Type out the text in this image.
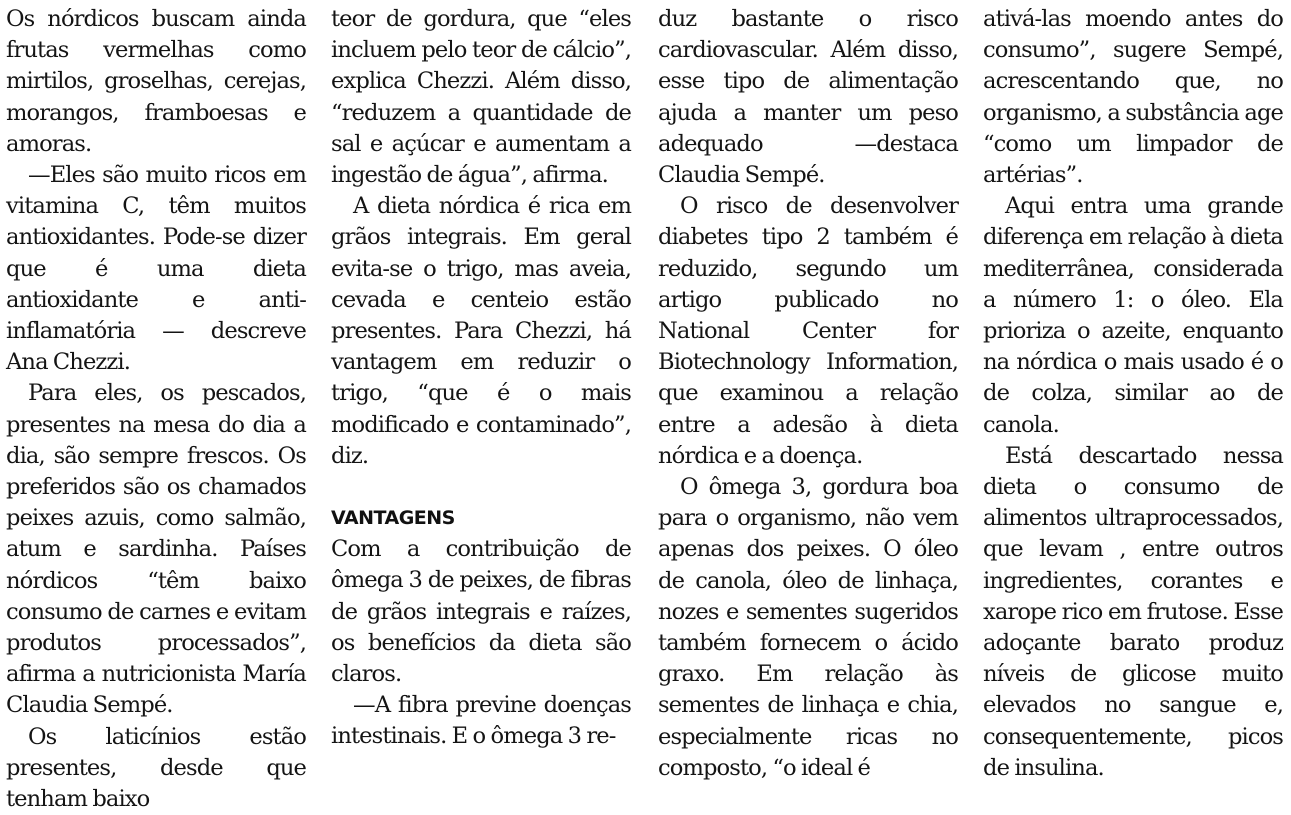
Os nórdicos buscam ainda frutas vermelhas como mirtilos, groselhas, cerejas, morangos, framboesas e amoras.

—Eles são muito ricos em vitamina C, têm muitos antioxidantes. Pode-se dizer que é uma dieta antioxidante e anti-inflamatória — descreve Ana Chezzi.

Para eles, os pescados, presentes na mesa do dia a dia, são sempre frescos. Os preferidos são os chamados peixes azuis, como salmão, atum e sardinha. Países nórdicos “têm baixo consumo de carnes e evitam produtos processados”, afirma a nutricionista María Claudia Sempé.

Os laticínios estão presentes, desde que tenham baixo

teor de gordura, que “eles incluem pelo teor de cálcio”, explica Chezzi. Além disso, “reduzem a quantidade de sal e açúcar e aumentam a ingestão de água”, afirma.

A dieta nórdica é rica em grãos integrais. Em geral evita-se o trigo, mas aveia, cevada e centeio estão presentes. Para Chezzi, há vantagem em reduzir o trigo, “que é o mais modificado e contaminado”, diz.

VANTAGENS

Com a contribuição de ômega 3 de peixes, de fibras de grãos integrais e raízes, os benefícios da dieta são claros.

—A fibra previne doenças intestinais. E o ômega 3 re-

duz bastante o risco cardiovascular. Além disso, esse tipo de alimentação ajuda a manter um peso adequado —destaca Claudia Sempé.

O risco de desenvolver diabetes tipo 2 também é reduzido, segundo um artigo publicado no National Center for Biotechnology Information, que examinou a relação entre a adesão à dieta nórdica e a doença.

O ômega 3, gordura boa para o organismo, não vem apenas dos peixes. O óleo de canola, óleo de linhaça, nozes e sementes sugeridos também fornecem o ácido graxo. Em relação às sementes de linhaça e chia, especialmente ricas no composto, “o ideal é

ativá-las moendo antes do consumo”, sugere Sempé, acrescentando que, no organismo, a substância age “como um limpador de artérias”.

Aqui entra uma grande diferença em relação à dieta mediterrânea, considerada a número 1: o óleo. Ela prioriza o azeite, enquanto na nórdica o mais usado é o de colza, similar ao de canola.

Está descartado nessa dieta o consumo de alimentos ultraprocessados, que levam , entre outros ingredientes, corantes e xarope rico em frutose. Esse adoçante barato produz níveis de glicose muito elevados no sangue e, consequentemente, picos de insulina.
